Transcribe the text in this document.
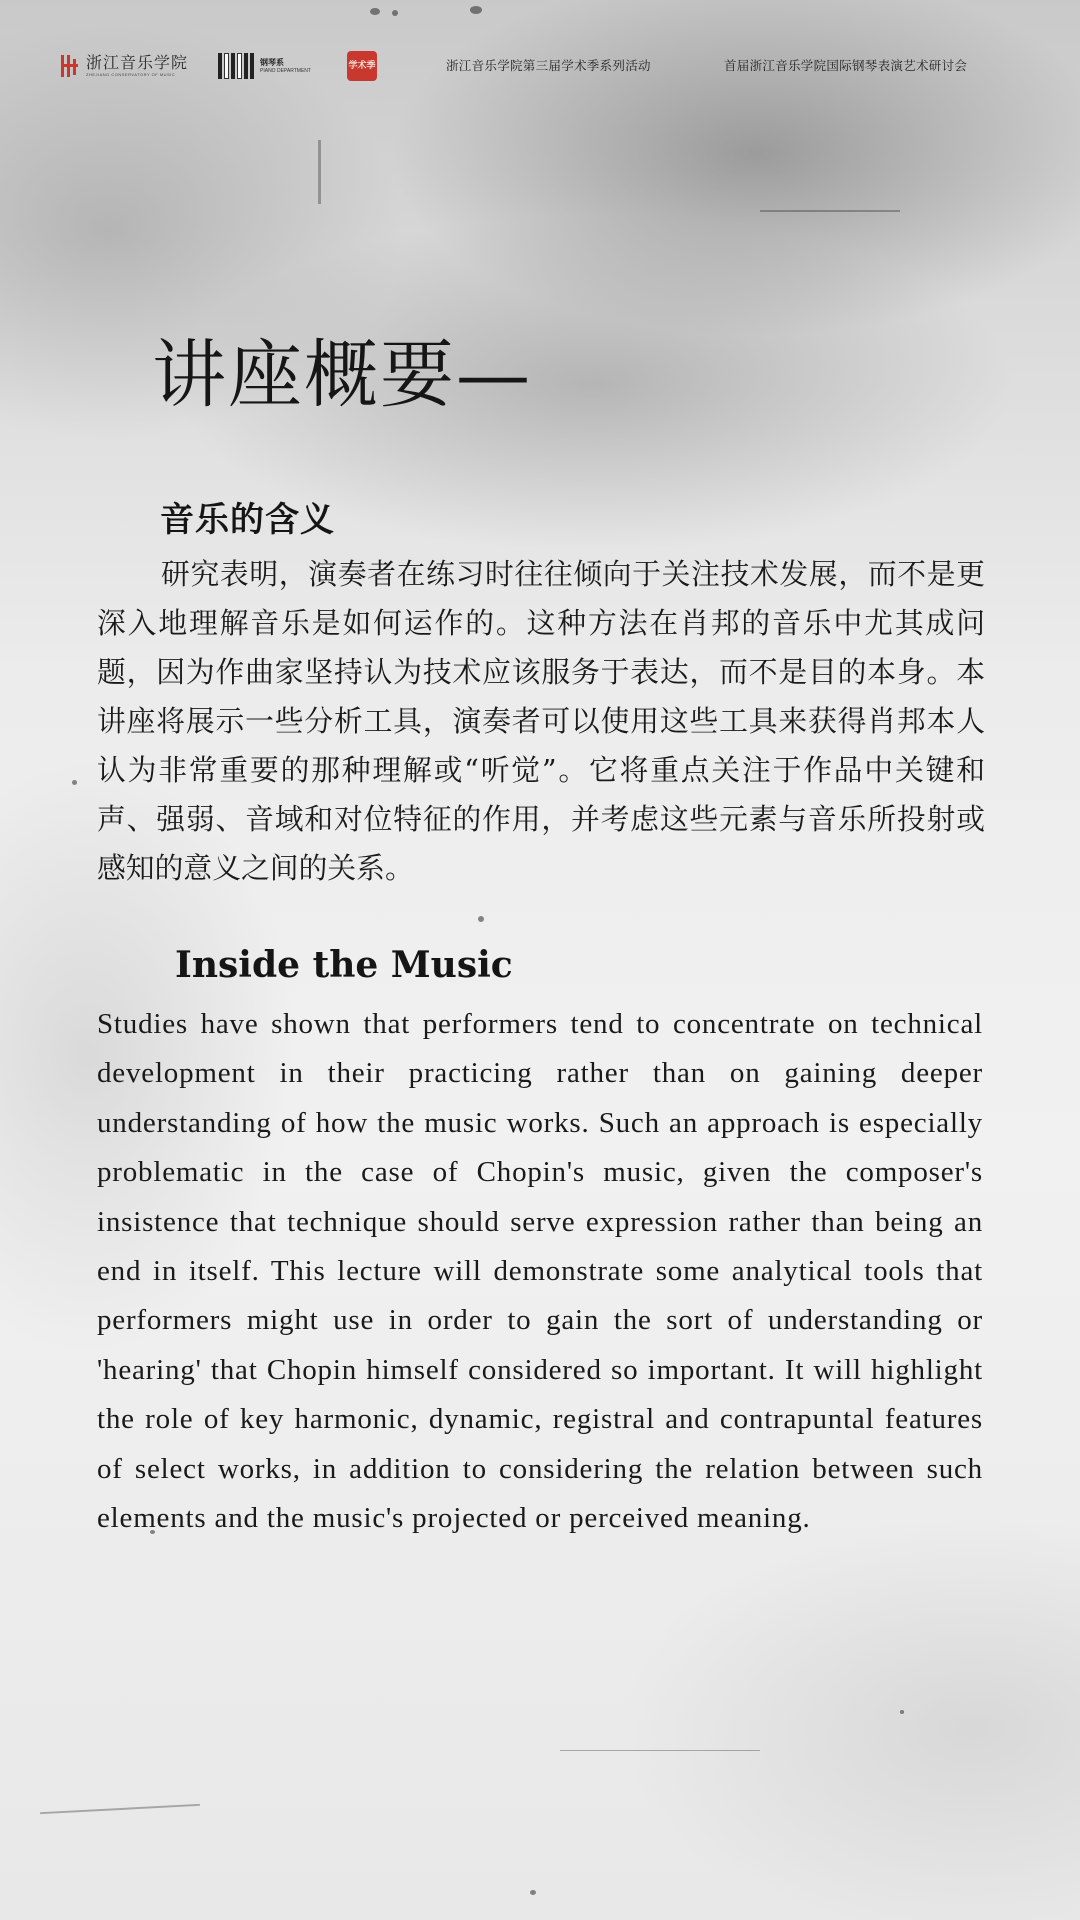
浙江音乐学院
ZHEJIANG CONSERVATORY OF MUSIC
钢琴系
PIANO DEPARTMENT	学术季	浙江音乐学院第三届学术季系列活动	首届浙江音乐学院国际钢琴表演艺术研讨会
讲座概要—
音乐的含义

研究表明，演奏者在练习时往往倾向于关注技术发展，而不是更深入地理解音乐是如何运作的。这种方法在肖邦的音乐中尤其成问题，因为作曲家坚持认为技术应该服务于表达，而不是目的本身。本讲座将展示一些分析工具，演奏者可以使用这些工具来获得肖邦本人认为非常重要的那种理解或“听觉”。它将重点关注于作品中关键和声、强弱、音域和对位特征的作用，并考虑这些元素与音乐所投射或感知的意义之间的关系。

Inside the Music

Studies have shown that performers tend to concentrate on technical development in their practicing rather than on gaining deeper understanding of how the music works. Such an approach is especially problematic in the case of Chopin's music, given the composer's insistence that technique should serve expression rather than being an end in itself. This lecture will demonstrate some analytical tools that performers might use in order to gain the sort of understanding or 'hearing' that Chopin himself considered so important. It will highlight the role of key harmonic, dynamic, registral and contrapuntal features of select works, in addition to considering the relation between such elements and the music's projected or perceived meaning.
